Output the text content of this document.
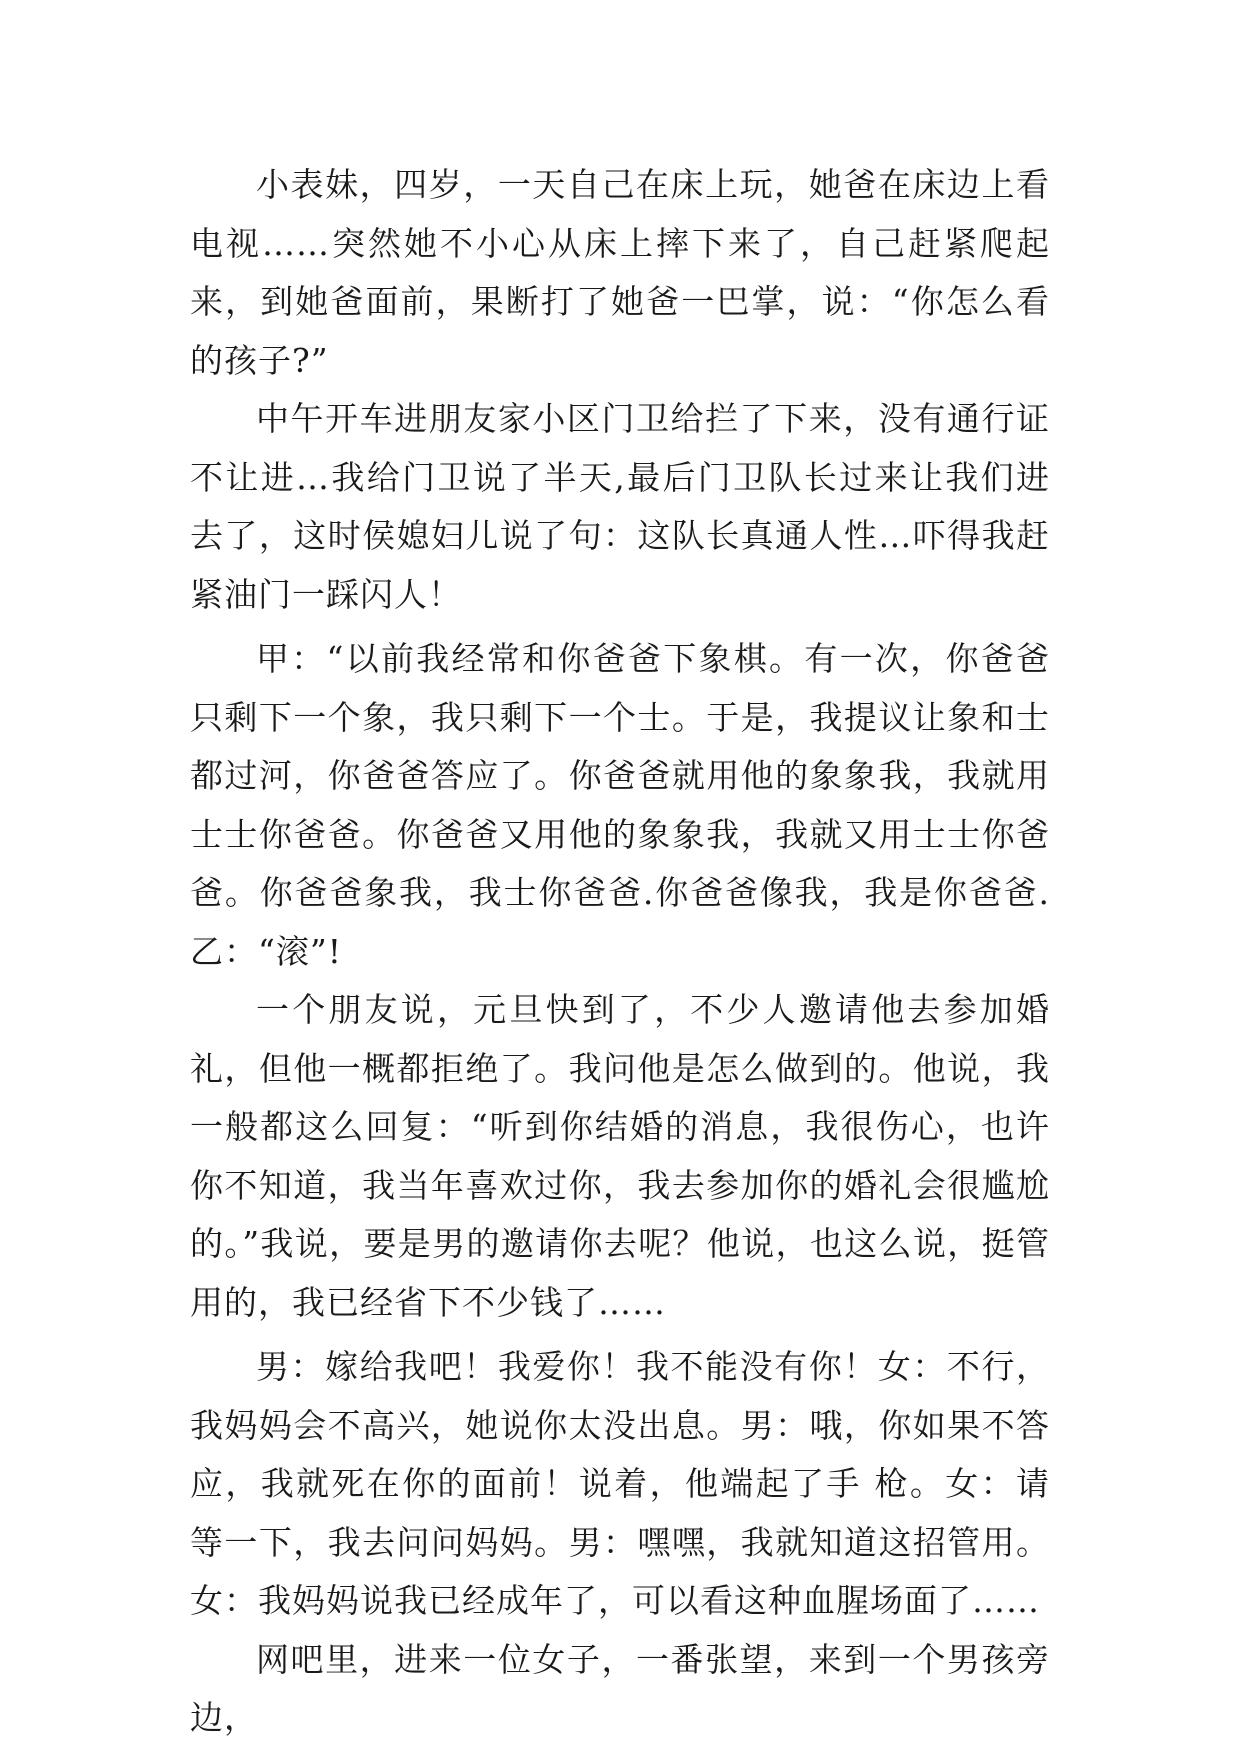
小表妹，四岁，一天自己在床上玩，她爸在床边上看电视……突然她不小心从床上摔下来了，自己赶紧爬起来，到她爸面前，果断打了她爸一巴掌，说：“你怎么看的孩子?”

中午开车进朋友家小区门卫给拦了下来，没有通行证不让进…我给门卫说了半天,最后门卫队长过来让我们进去了，这时侯媳妇儿说了句：这队长真通人性…吓得我赶紧油门一踩闪人！

甲：“以前我经常和你爸爸下象棋。有一次，你爸爸只剩下一个象，我只剩下一个士。于是，我提议让象和士都过河，你爸爸答应了。你爸爸就用他的象象我，我就用士士你爸爸。你爸爸又用他的象象我，我就又用士士你爸爸。你爸爸象我，我士你爸爸.你爸爸像我，我是你爸爸.乙：“滚”!

一个朋友说，元旦快到了，不少人邀请他去参加婚礼，但他一概都拒绝了。我问他是怎么做到的。他说，我一般都这么回复：“听到你结婚的消息，我很伤心，也许你不知道，我当年喜欢过你，我去参加你的婚礼会很尴尬的。”我说，要是男的邀请你去呢？他说，也这么说，挺管用的，我已经省下不少钱了……

男：嫁给我吧！我爱你！我不能没有你！女：不行，我妈妈会不高兴，她说你太没出息。男：哦，你如果不答应，我就死在你的面前！说着，他端起了手 枪。女：请等一下，我去问问妈妈。男：嘿嘿，我就知道这招管用。 女：我妈妈说我已经成年了，可以看这种血腥场面了……

网吧里，进来一位女子，一番张望，来到一个男孩旁边，
